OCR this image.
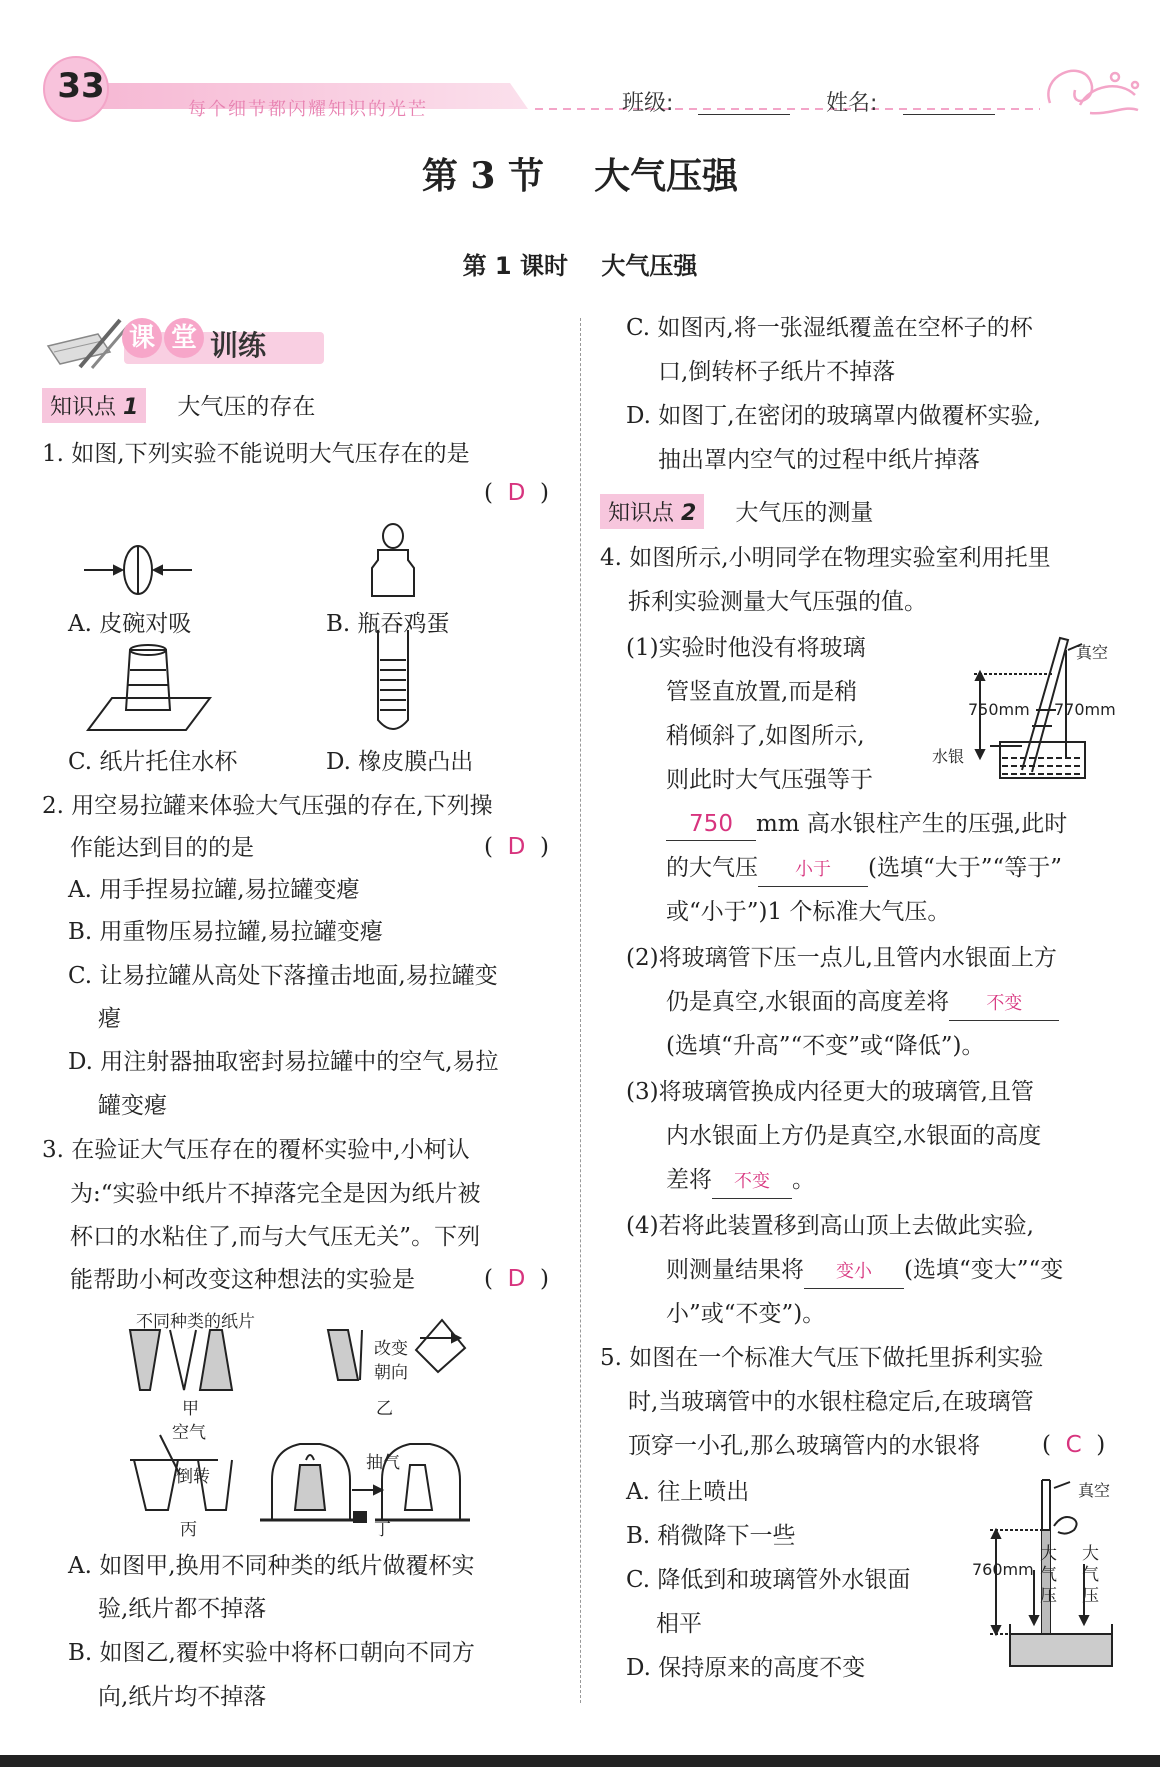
33
每个细节都闪耀知识的光芒	班级:	姓名:
第 3 节    大气压强
第 1 课时    大气压强
课 堂 训练
知识点 1 大气压的存在
1. 如图,下列实验不能说明大气压存在的是
(  D  )
A. 皮碗对吸	B. 瓶吞鸡蛋
C. 纸片托住水杯	D. 橡皮膜凸出
2. 用空易拉罐来体验大气压强的存在,下列操
作能达到目的的是	(  D  )
A. 用手捏易拉罐,易拉罐变瘪
B. 用重物压易拉罐,易拉罐变瘪
C. 让易拉罐从高处下落撞击地面,易拉罐变
瘪
D. 用注射器抽取密封易拉罐中的空气,易拉
罐变瘪
3. 在验证大气压存在的覆杯实验中,小柯认
为:“实验中纸片不掉落完全是因为纸片被
杯口的水粘住了,而与大气压无关”。下列
能帮助小柯改变这种想法的实验是	(  D  )
不同种类的纸片
甲
改变
朝向
乙
空气
倒转
丙
抽气
丁
A. 如图甲,换用不同种类的纸片做覆杯实
验,纸片都不掉落
B. 如图乙,覆杯实验中将杯口朝向不同方
向,纸片均不掉落
C. 如图丙,将一张湿纸覆盖在空杯子的杯
口,倒转杯子纸片不掉落
D. 如图丁,在密闭的玻璃罩内做覆杯实验,
抽出罩内空气的过程中纸片掉落
知识点 2 大气压的测量
4. 如图所示,小明同学在物理实验室利用托里
拆利实验测量大气压强的值。
(1)实验时他没有将玻璃
管竖直放置,而是稍
稍倾斜了,如图所示,
则此时大气压强等于
真空
750mm 770mm
水银
750 mm 高水银柱产生的压强,此时
的大气压 小于 (选填“大于”“等于”
或“小于”)1 个标准大气压。
(2)将玻璃管下压一点儿,且管内水银面上方
仍是真空,水银面的高度差将 不变
(选填“升高”“不变”或“降低”)。
(3)将玻璃管换成内径更大的玻璃管,且管
内水银面上方仍是真空,水银面的高度
差将 不变 。
(4)若将此装置移到高山顶上去做此实验,
则测量结果将 变小 (选填“变大”“变
小”或“不变”)。
5. 如图在一个标准大气压下做托里拆利实验
时,当玻璃管中的水银柱稳定后,在玻璃管
顶穿一小孔,那么玻璃管内的水银将	(  C  )
A. 往上喷出
B. 稍微降下一些
C. 降低到和玻璃管外水银面
相平
D. 保持原来的高度不变
真空
760mm
大气压
大气压
